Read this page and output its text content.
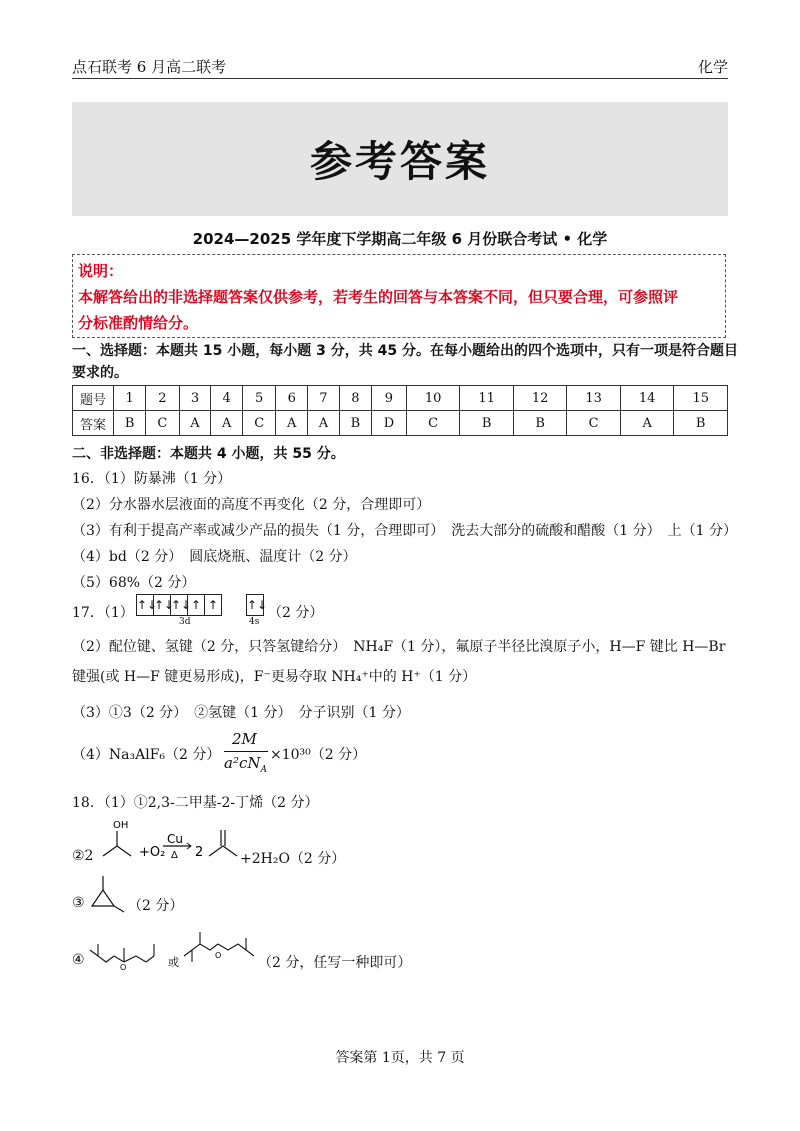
点石联考 6 月高二联考	化学
参考答案
2024—2025 学年度下学期高二年级 6 月份联合考试 • 化学
说明：
本解答给出的非选择题答案仅供参考，若考生的回答与本答案不同，但只要合理，可参照评
分标准酌情给分。
一、选择题：本题共 15 小题，每小题 3 分，共 45 分。在每小题给出的四个选项中，只有一项是符合题目
要求的。
题号	1	2	3	4	5	6	7	8	9	10	11	12	13	14	15
答案	B	C	A	A	C	A	A	B	D	C	B	B	C	A	B
二、非选择题：本题共 4 小题，共 55 分。
16．（1）防暴沸（1 分）
（2）分水器水层液面的高度不再变化（2 分，合理即可）
（3）有利于提高产率或减少产品的损失（1 分，合理即可）　洗去大部分的硫酸和醋酸（1 分）　上（1 分）
（4）bd（2 分）　圆底烧瓶、温度计（2 分）
（5）68%（2 分）
17．（1） ↑↓↑↓↑↓↑ ↑
3d
↑↓
4s
（2 分）
（2）配位键、氢键（2 分，只答氢键给分）　NH₄F（1 分），氟原子半径比溴原子小，H—F 键比 H—Br
键强(或 H—F 键更易形成)，F⁻更易夺取 NH₄⁺中的 H⁺（1 分）
（3）①3（2 分）　②氢键（1 分）　分子识别（1 分）
（4）Na₃AlF₆（2 分）
2M
$a^2cN_A$
×10³⁰（2 分）
18．（1）①2,3-二甲基-2-丁烯（2 分）
②2
OH
+O₂
Cu
Δ 2	+2H₂O（2 分）
③	（2 分）
④	O	或
O	（2 分，任写一种即可）
答案第 1页，共 7 页
